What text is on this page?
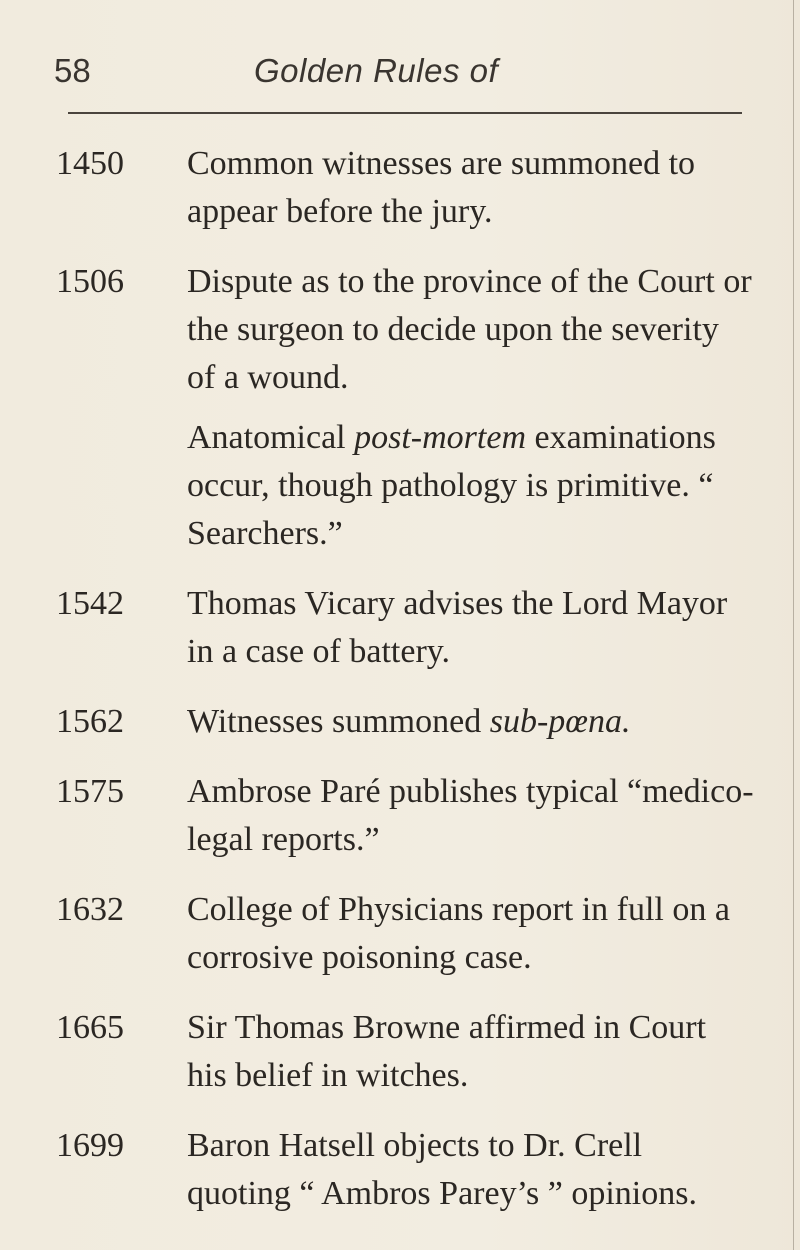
58	Golden Rules of
1450	Common witnesses are summoned to appear before the jury.
1506	Dispute as to the province of the Court or the surgeon to decide upon the severity of a wound.
Anatomical post-mortem examinations occur, though pathology is primitive. “ Searchers.”
1542	Thomas Vicary advises the Lord Mayor in a case of battery.
1562	Witnesses summoned sub-pœna.
1575	Ambrose Paré publishes typical “medico-legal reports.”
1632	College of Physicians report in full on a corrosive poisoning case.
1665	Sir Thomas Browne affirmed in Court his belief in witches.
1699	Baron Hatsell objects to Dr. Crell quoting “ Ambros Parey’s ” opinions.
